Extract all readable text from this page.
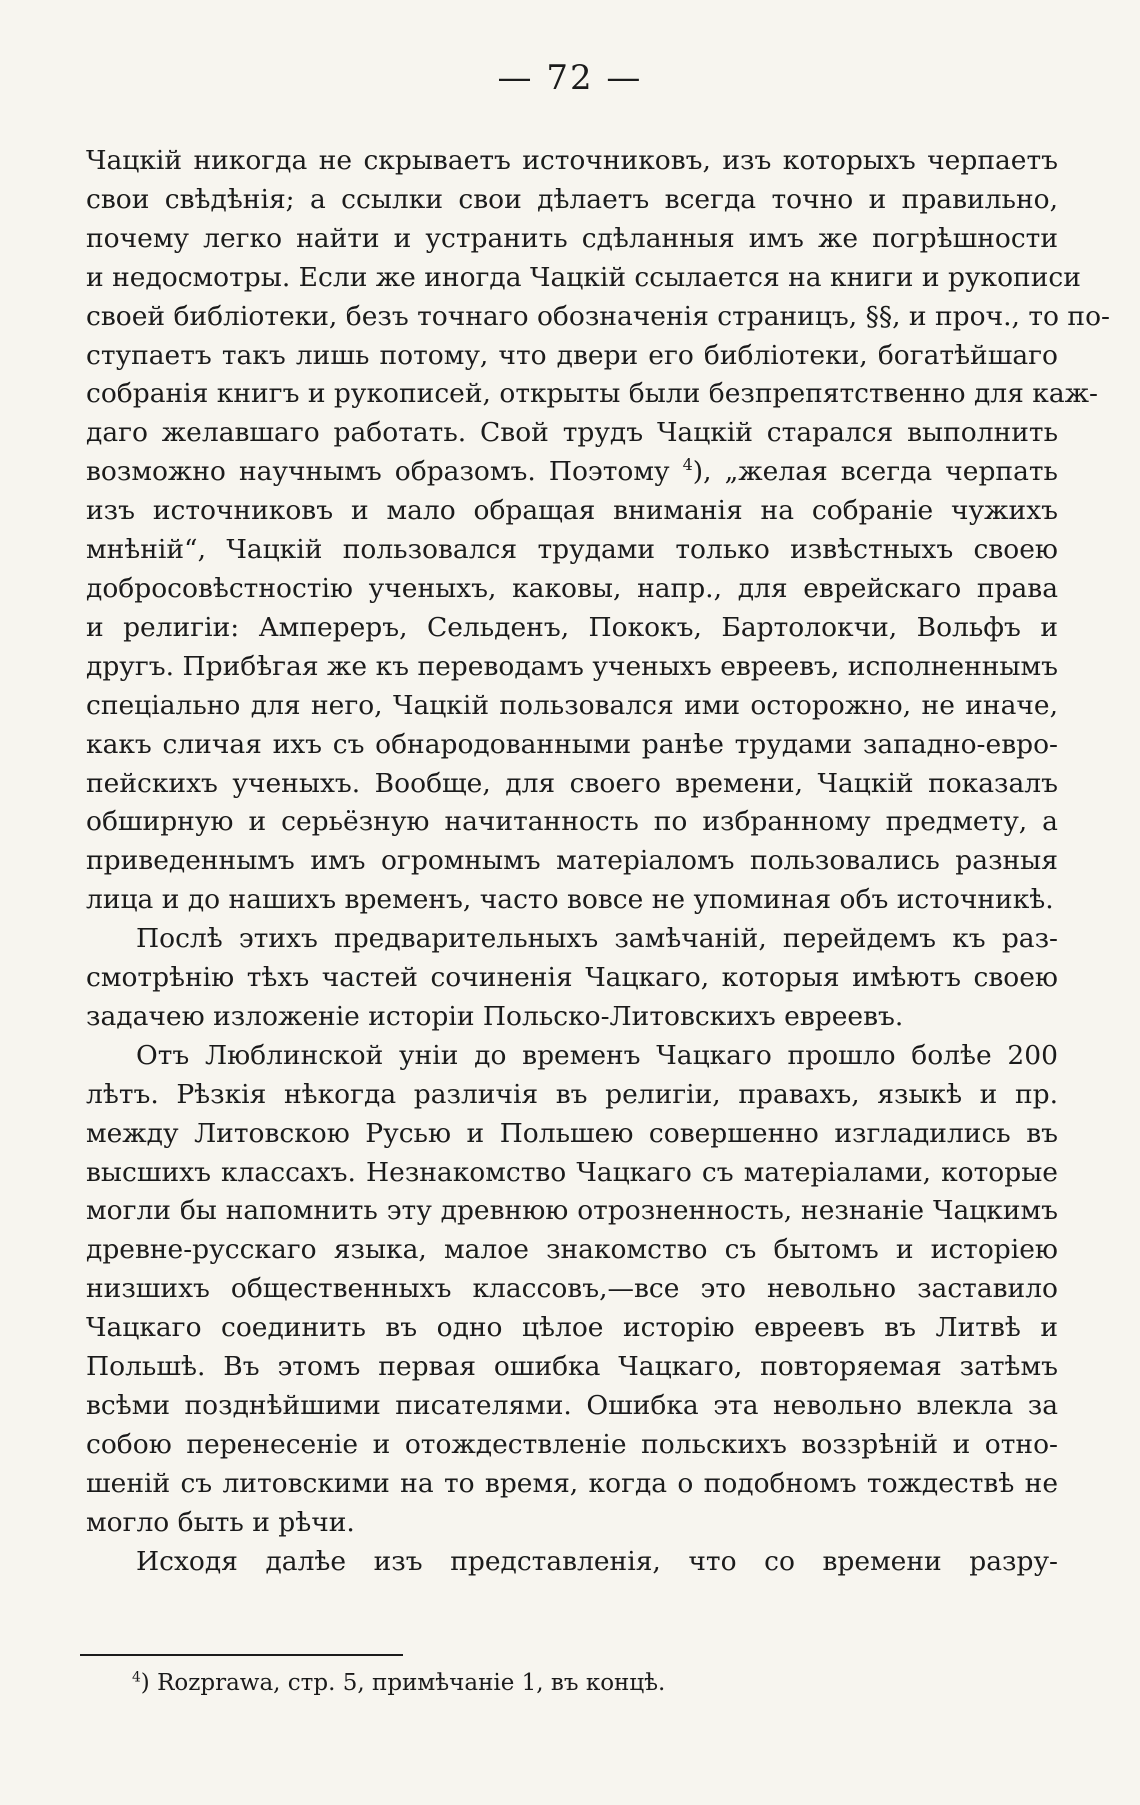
— 72 —
Чацкій никогда не скрываетъ источниковъ, изъ которыхъ черпаетъ
свои свѣдѣнія; а ссылки свои дѣлаетъ всегда точно и правильно,
почему легко найти и устранить сдѣланныя имъ же погрѣшности
и недосмотры. Если же иногда Чацкій ссылается на книги и рукописи
своей библіотеки, безъ точнаго обозначенія страницъ, §§, и проч., то по-
ступаетъ такъ лишь потому, что двери его библіотеки, богатѣйшаго
собранія книгъ и рукописей, открыты были безпрепятственно для каж-
даго желавшаго работать. Свой трудъ Чацкій старался выполнить
возможно научнымъ образомъ. Поэтому $^4$), „желая всегда черпать
изъ источниковъ и мало обращая вниманія на собраніе чужихъ
мнѣній“, Чацкій пользовался трудами только извѣстныхъ своею
добросовѣстностію ученыхъ, каковы, напр., для еврейскаго права
и религіи: Ампереръ, Сельденъ, Пококъ, Бартолокчи, Вольфъ и
другъ. Прибѣгая же къ переводамъ ученыхъ евреевъ, исполненнымъ
спеціально для него, Чацкій пользовался ими осторожно, не иначе,
какъ сличая ихъ съ обнародованными ранѣе трудами западно-евро-
пейскихъ ученыхъ. Вообще, для своего времени, Чацкій показалъ
обширную и серьёзную начитанность по избранному предмету, а
приведеннымъ имъ огромнымъ матеріаломъ пользовались разныя
лица и до нашихъ временъ, часто вовсе не упоминая объ источникѣ.
Послѣ этихъ предварительныхъ замѣчаній, перейдемъ къ раз-
смотрѣнію тѣхъ частей сочиненія Чацкаго, которыя имѣютъ своею
задачею изложеніе исторіи Польско-Литовскихъ евреевъ.
Отъ Люблинской уніи до временъ Чацкаго прошло болѣе 200
лѣтъ. Рѣзкія нѣкогда различія въ религіи, правахъ, языкѣ и пр.
между Литовскою Русью и Польшею совершенно изгладились въ
высшихъ классахъ. Незнакомство Чацкаго съ матеріалами, которые
могли бы напомнить эту древнюю отрозненность, незнаніе Чацкимъ
древне-русскаго языка, малое знакомство съ бытомъ и исторіею
низшихъ общественныхъ классовъ,—все это невольно заставило
Чацкаго соединить въ одно цѣлое исторію евреевъ въ Литвѣ и
Польшѣ. Въ этомъ первая ошибка Чацкаго, повторяемая затѣмъ
всѣми позднѣйшими писателями. Ошибка эта невольно влекла за
собою перенесеніе и отождествленіе польскихъ воззрѣній и отно-
шеній съ литовскими на то время, когда о подобномъ тождествѣ не
могло быть и рѣчи.
Исходя далѣе изъ представленія, что со времени разру-
$^4$) Rozprawa, стр. 5, примѣчаніе 1, въ концѣ.
